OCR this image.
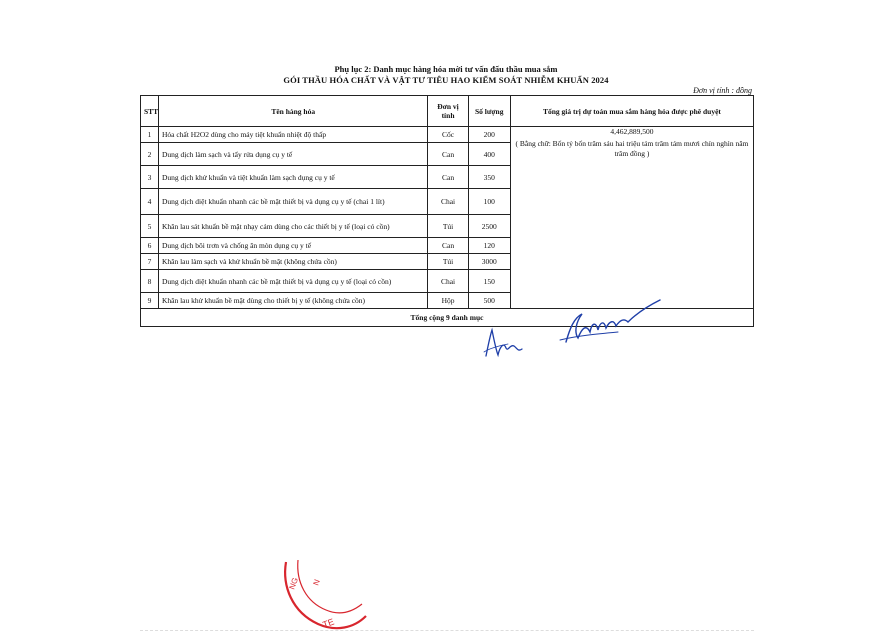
Phụ lục 2: Danh mục hàng hóa mời tư vấn đấu thầu mua sắm
GÓI THẦU HÓA CHẤT VÀ VẬT TƯ TIÊU HAO KIỂM SOÁT NHIỄM KHUẨN 2024
Đơn vị tính : đồng
STT	Tên hàng hóa	Đơn vị tính	Số lượng	Tổng giá trị dự toán mua sắm hàng hóa được phê duyệt
1	Hóa chất H2O2 dùng cho máy tiệt khuẩn nhiệt độ thấp	Cốc	200	4,462,889,500
( Bằng chữ: Bốn tỷ bốn trăm sáu hai triệu tám trăm tám mươi chín nghìn năm trăm đồng )

2	Dung dịch làm sạch và tẩy rửa dụng cụ y tế	Can	400	
3	Dung dịch khử khuẩn và tiệt khuẩn làm sạch dụng cụ y tế	Can	350	
4	Dung dịch diệt khuẩn nhanh các bề mặt thiết bị và dụng cụ y tế (chai 1 lít)	Chai	100	
5	Khăn lau sát khuẩn bề mặt nhạy cảm dùng cho các thiết bị y tế (loại có cồn)	Túi	2500	
6	Dung dịch bôi trơn và chống ăn mòn dụng cụ y tế	Can	120	
7	Khăn lau làm sạch và khử khuẩn bề mặt (không chứa cồn)	Túi	3000	
8	Dung dịch diệt khuẩn nhanh các bề mặt thiết bị và dụng cụ y tế (loại có cồn)	Chai	150	
9	Khăn lau khử khuẩn bề mặt dùng cho thiết bị y tế (không chứa cồn)	Hộp	500	
Tổng cộng 9 danh mục				
NG N
TE
